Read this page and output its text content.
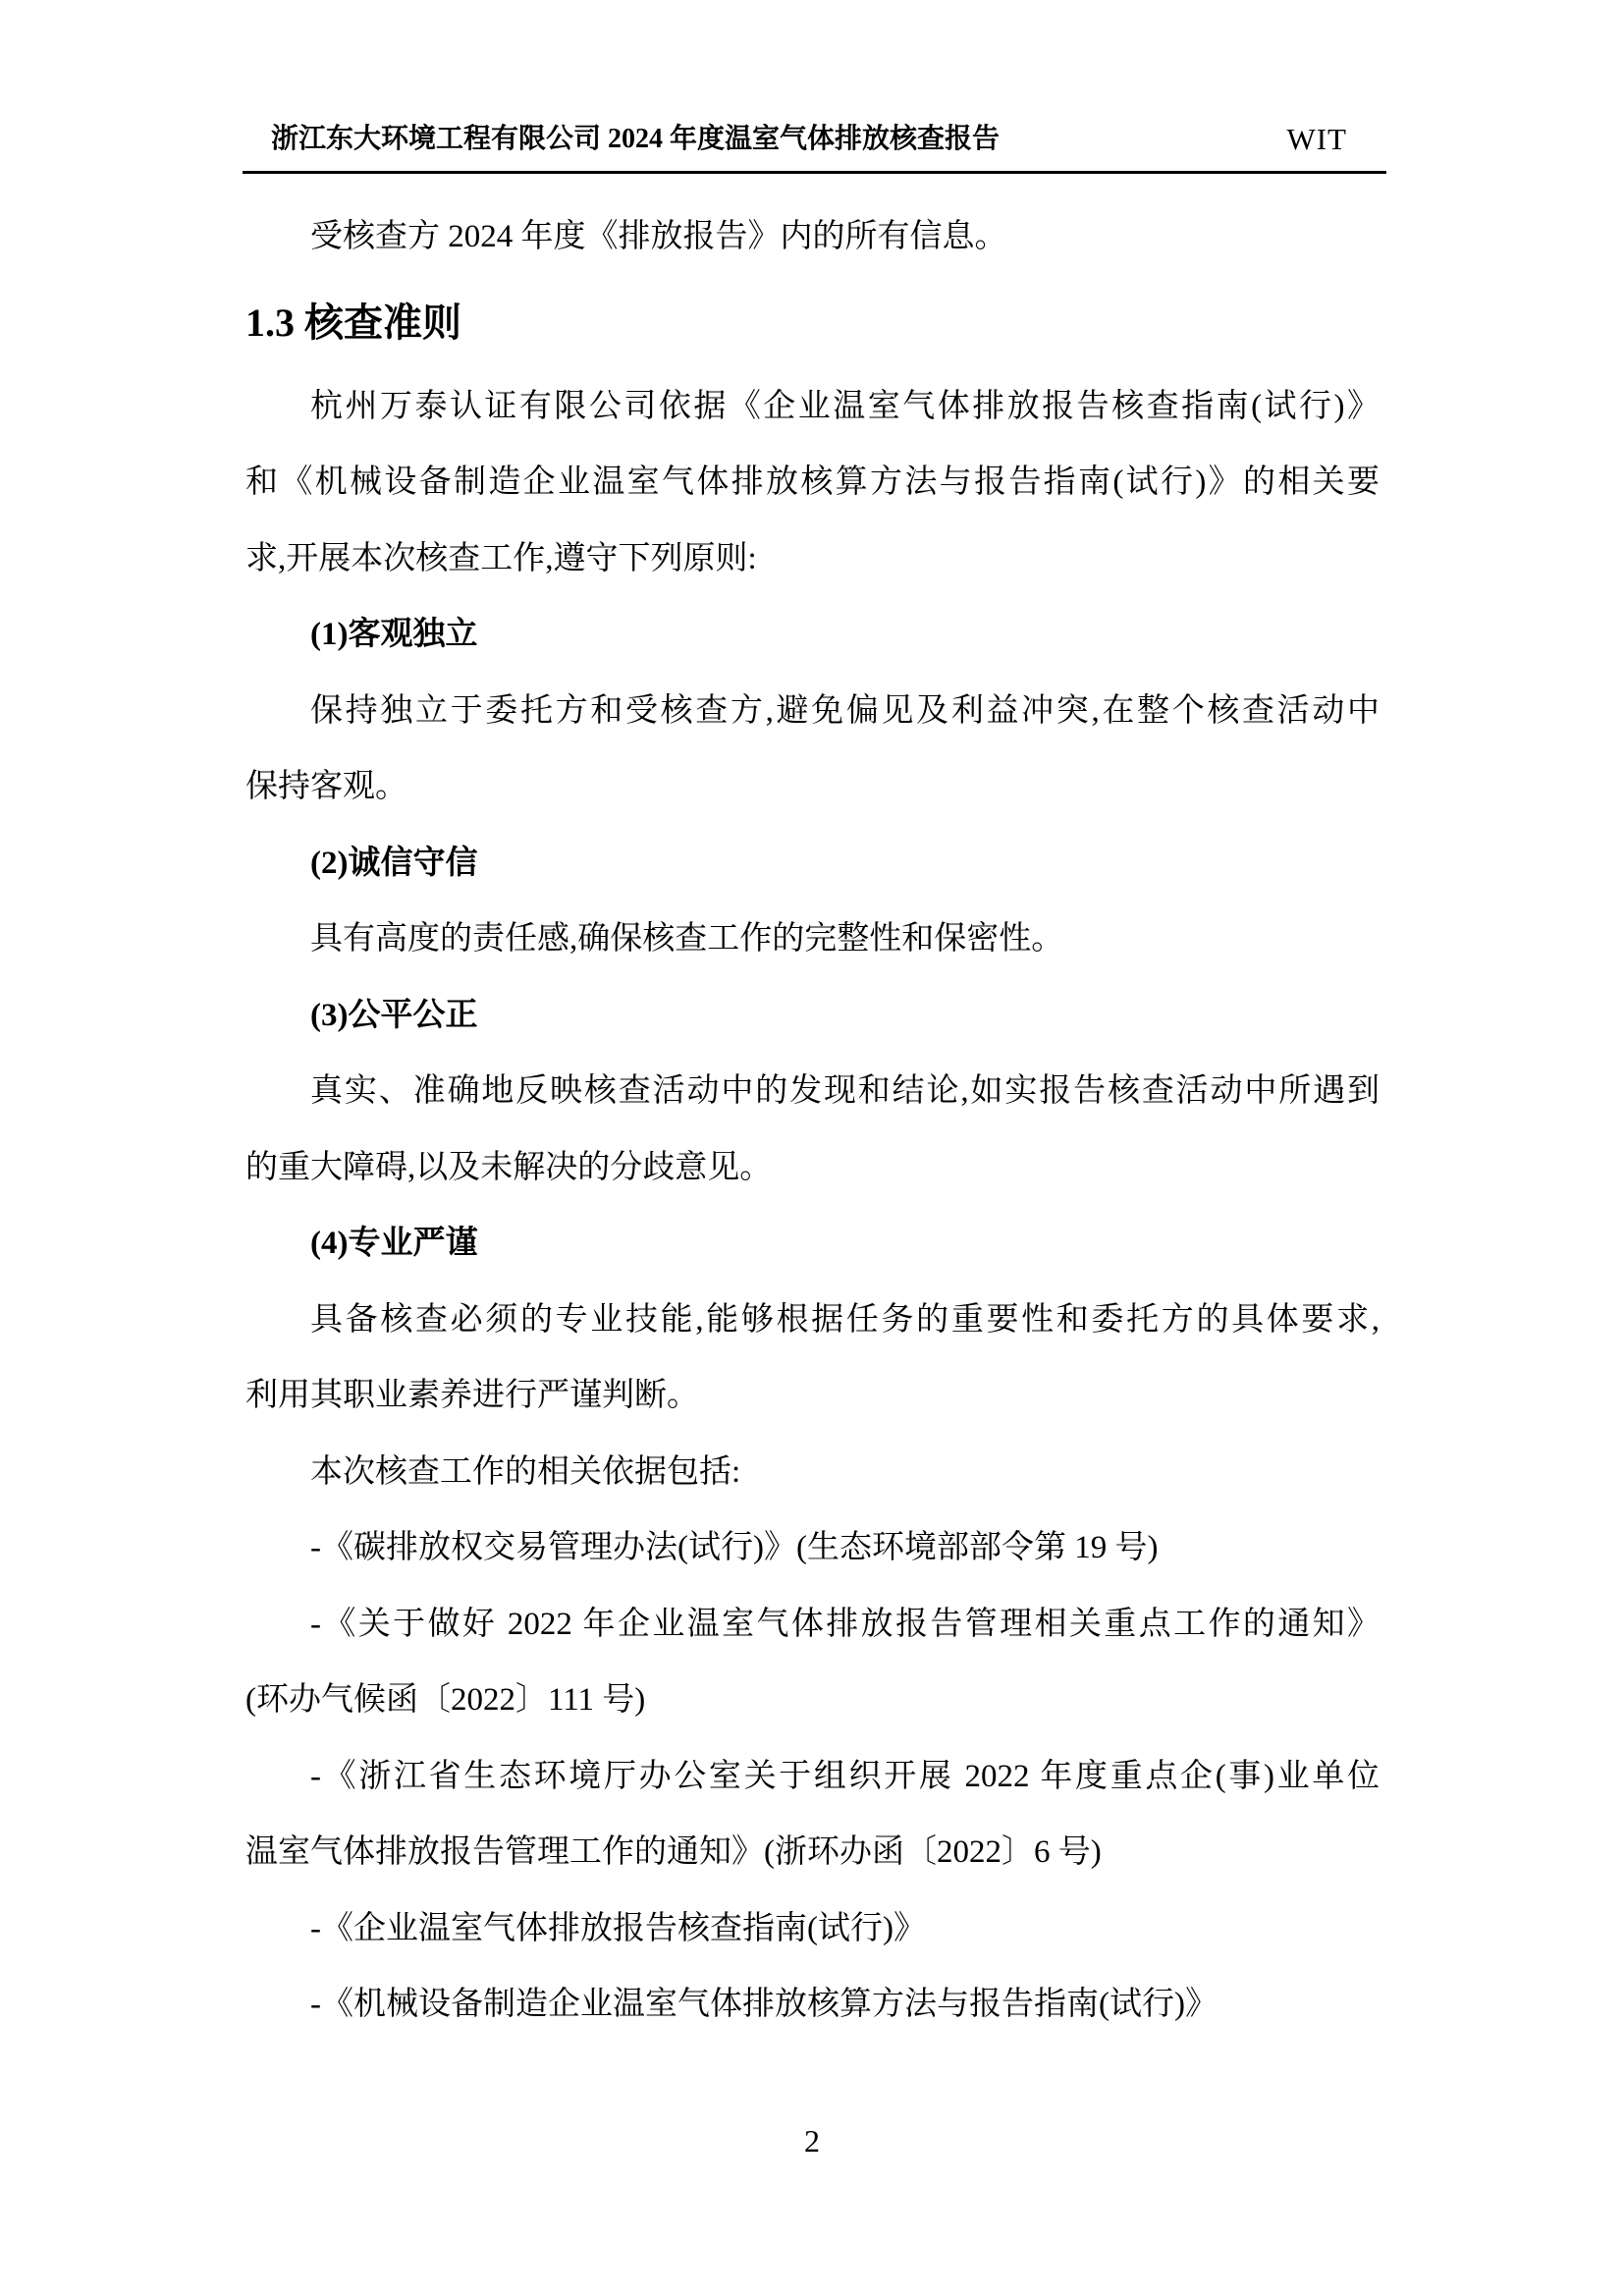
浙江东大环境工程有限公司 2024 年度温室气体排放核查报告	WIT
受核查方 2024 年度《排放报告》内的所有信息。
1.3 核查准则
杭州万泰认证有限公司依据《企业温室气体排放报告核查指南(试行)》
和《机械设备制造企业温室气体排放核算方法与报告指南(试行)》的相关要
求,开展本次核查工作,遵守下列原则:
(1)客观独立
保持独立于委托方和受核查方,避免偏见及利益冲突,在整个核查活动中
保持客观。
(2)诚信守信
具有高度的责任感,确保核查工作的完整性和保密性。
(3)公平公正
真实、准确地反映核查活动中的发现和结论,如实报告核查活动中所遇到
的重大障碍,以及未解决的分歧意见。
(4)专业严谨
具备核查必须的专业技能,能够根据任务的重要性和委托方的具体要求,
利用其职业素养进行严谨判断。
本次核查工作的相关依据包括:
-《碳排放权交易管理办法(试行)》(生态环境部部令第 19 号)
-《关于做好 2022 年企业温室气体排放报告管理相关重点工作的通知》
(环办气候函〔2022〕111 号)
-《浙江省生态环境厅办公室关于组织开展 2022 年度重点企(事)业单位
温室气体排放报告管理工作的通知》(浙环办函〔2022〕6 号)
-《企业温室气体排放报告核查指南(试行)》
-《机械设备制造企业温室气体排放核算方法与报告指南(试行)》
2
